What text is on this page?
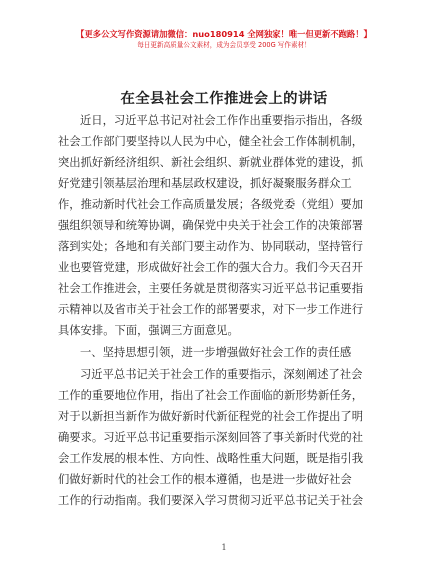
【更多公文写作资源请加微信：nuo180914 全网独家！唯一但更新不跑路！】
每日更新高质量公文素材，成为会员享受 200G 写作素材！
在全县社会工作推进会上的讲话
近日，习近平总书记对社会工作作出重要指示指出，各级
社会工作部门要坚持以人民为中心，健全社会工作体制机制，
突出抓好新经济组织、新社会组织、新就业群体党的建设，抓
好党建引领基层治理和基层政权建设，抓好凝聚服务群众工
作，推动新时代社会工作高质量发展；各级党委（党组）要加
强组织领导和统筹协调，确保党中央关于社会工作的决策部署
落到实处；各地和有关部门要主动作为、协同联动，坚持管行
业也要管党建，形成做好社会工作的强大合力。我们今天召开
社会工作推进会，主要任务就是贯彻落实习近平总书记重要指
示精神以及省市关于社会工作的部署要求，对下一步工作进行
具体安排。下面，强调三方面意见。
一、坚持思想引领，进一步增强做好社会工作的责任感
习近平总书记关于社会工作的重要指示，深刻阐述了社会
工作的重要地位作用，指出了社会工作面临的新形势新任务，
对于以新担当新作为做好新时代新征程党的社会工作提出了明
确要求。习近平总书记重要指示深刻回答了事关新时代党的社
会工作发展的根本性、方向性、战略性重大问题，既是指引我
们做好新时代的社会工作的根本遵循，也是进一步做好社会
工作的行动指南。我们要深入学习贯彻习近平总书记关于社会
1
